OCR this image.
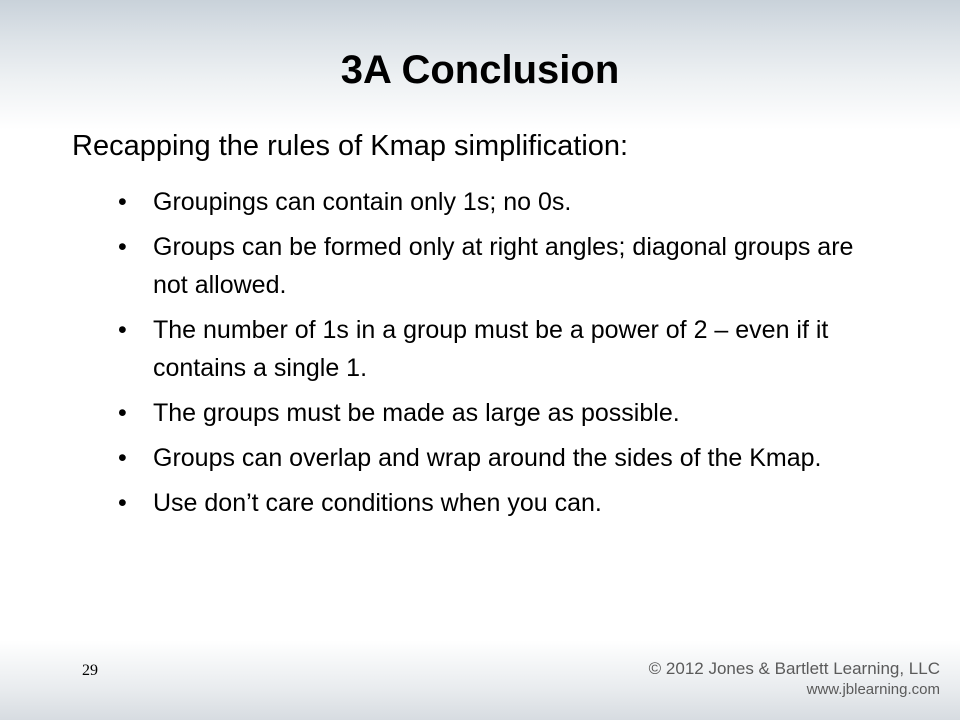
3A Conclusion
Recapping the rules of Kmap simplification:
•	Groupings can contain only 1s; no 0s.
•	Groups can be formed only at right angles; diagonal groups are not allowed.
•	The number of 1s in a group must be a power of 2 – even if it contains a single 1.
•	The groups must be made as large as possible.
•	Groups can overlap and wrap around the sides of the Kmap.
•	Use don’t care conditions when you can.
29	© 2012 Jones & Bartlett Learning, LLC
www.jblearning.com
